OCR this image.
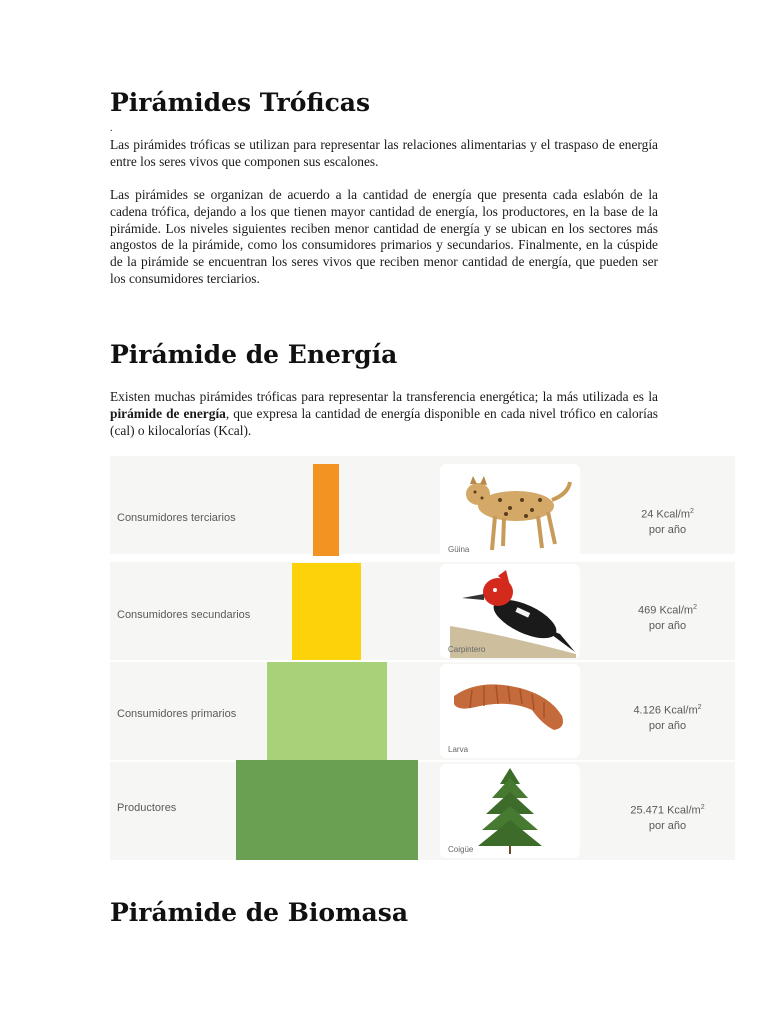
Pirámides Tróficas
.

Las pirámides tróficas se utilizan para representar las relaciones alimentarias y el traspaso de energía entre los seres vivos que componen sus escalones.

Las pirámides se organizan de acuerdo a la cantidad de energía que presenta cada eslabón de la cadena trófica, dejando a los que tienen mayor cantidad de energía, los productores, en la base de la pirámide. Los niveles siguientes reciben menor cantidad de energía y se ubican en los sectores más angostos de la pirámide, como los consumidores primarios y secundarios. Finalmente, en la cúspide de la pirámide se encuentran los seres vivos que reciben menor cantidad de energía, que pueden ser los consumidores terciarios.

Pirámide de Energía

Existen muchas pirámides tróficas para representar la transferencia energética; la más utilizada es la pirámide de energía, que expresa la cantidad de energía disponible en cada nivel trófico en calorías (cal) o kilocalorías (Kcal).

Consumidores terciarios
Güina
24 Kcal/$m^2$
por año
Consumidores secundarios
Carpintero
469 Kcal/$m^2$
por año
Consumidores primarios
Larva
4.126 Kcal/$m^2$
por año
Productores
Coigüe
25.471 Kcal/$m^2$
por año
Pirámide de Biomasa
